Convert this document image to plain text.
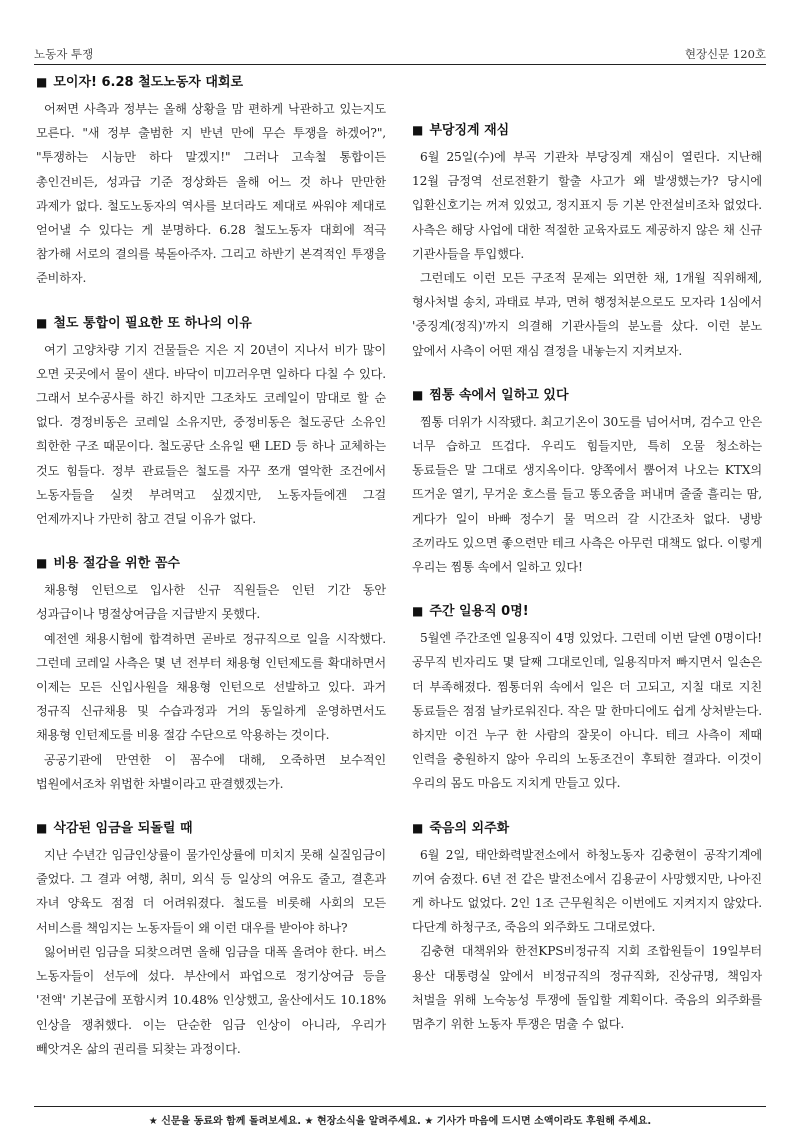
노동자 투쟁	현장신문 120호
■ 모이자! 6.28 철도노동자 대회로

어쩌면 사측과 정부는 올해 상황을 맘 편하게 낙관하고 있는지도 모른다. "새 정부 출범한 지 반년 만에 무슨 투쟁을 하겠어?", "투쟁하는 시늉만 하다 말겠지!" 그러나 고속철 통합이든 총인건비든, 성과급 기준 정상화든 올해 어느 것 하나 만만한 과제가 없다. 철도노동자의 역사를 보더라도 제대로 싸워야 제대로 얻어낼 수 있다는 게 분명하다. 6.28 철도노동자 대회에 적극 참가해 서로의 결의를 북돋아주자. 그리고 하반기 본격적인 투쟁을 준비하자.

■ 철도 통합이 필요한 또 하나의 이유

여기 고양차량 기지 건물들은 지은 지 20년이 지나서 비가 많이 오면 곳곳에서 물이 샌다. 바닥이 미끄러우면 일하다 다칠 수 있다. 그래서 보수공사를 하긴 하지만 그조차도 코레일이 맘대로 할 순 없다. 경정비동은 코레일 소유지만, 중정비동은 철도공단 소유인 희한한 구조 때문이다. 철도공단 소유일 땐 LED 등 하나 교체하는 것도 힘들다. 정부 관료들은 철도를 자꾸 쪼개 열악한 조건에서 노동자들을 실컷 부려먹고 싶겠지만, 노동자들에겐 그걸 언제까지나 가만히 참고 견딜 이유가 없다.

■ 비용 절감을 위한 꼼수

채용형 인턴으로 입사한 신규 직원들은 인턴 기간 동안 성과급이나 명절상여금을 지급받지 못했다.

예전엔 채용시험에 합격하면 곧바로 정규직으로 일을 시작했다. 그런데 코레일 사측은 몇 년 전부터 채용형 인턴제도를 확대하면서 이제는 모든 신입사원을 채용형 인턴으로 선발하고 있다. 과거 정규직 신규채용 및 수습과정과 거의 동일하게 운영하면서도 채용형 인턴제도를 비용 절감 수단으로 악용하는 것이다.

공공기관에 만연한 이 꼼수에 대해, 오죽하면 보수적인 법원에서조차 위법한 차별이라고 판결했겠는가.

■ 삭감된 임금을 되돌릴 때

지난 수년간 임금인상률이 물가인상률에 미치지 못해 실질임금이 줄었다. 그 결과 여행, 취미, 외식 등 일상의 여유도 줄고, 결혼과 자녀 양육도 점점 더 어려워졌다. 철도를 비롯해 사회의 모든 서비스를 책임지는 노동자들이 왜 이런 대우를 받아야 하나?

잃어버린 임금을 되찾으려면 올해 임금을 대폭 올려야 한다. 버스 노동자들이 선두에 섰다. 부산에서 파업으로 정기상여금 등을 '전액' 기본급에 포함시켜 10.48% 인상했고, 울산에서도 10.18% 인상을 쟁취했다. 이는 단순한 임금 인상이 아니라, 우리가 빼앗겨온 삶의 권리를 되찾는 과정이다.

■ 부당징계 재심

6월 25일(수)에 부곡 기관차 부당징계 재심이 열린다. 지난해 12월 금정역 선로전환기 할출 사고가 왜 발생했는가? 당시에 입환신호기는 꺼져 있었고, 정지표지 등 기본 안전설비조차 없었다. 사측은 해당 사업에 대한 적절한 교육자료도 제공하지 않은 채 신규 기관사들을 투입했다.

그런데도 이런 모든 구조적 문제는 외면한 채, 1개월 직위해제, 형사처벌 송치, 과태료 부과, 면허 행정처분으로도 모자라 1심에서 '중징계(정직)'까지 의결해 기관사들의 분노를 샀다. 이런 분노 앞에서 사측이 어떤 재심 결정을 내놓는지 지켜보자.

■ 찜통 속에서 일하고 있다

찜통 더위가 시작됐다. 최고기온이 30도를 넘어서며, 검수고 안은 너무 습하고 뜨겁다. 우리도 힘들지만, 특히 오물 청소하는 동료들은 말 그대로 생지옥이다. 양쪽에서 뿜어져 나오는 KTX의 뜨거운 열기, 무거운 호스를 들고 똥오줌을 퍼내며 줄줄 흘리는 땀, 게다가 일이 바빠 정수기 물 먹으러 갈 시간조차 없다. 냉방 조끼라도 있으면 좋으련만 테크 사측은 아무런 대책도 없다. 이렇게 우리는 찜통 속에서 일하고 있다!

■ 주간 일용직 0명!

5월엔 주간조엔 일용직이 4명 있었다. 그런데 이번 달엔 0명이다! 공무직 빈자리도 몇 달째 그대로인데, 일용직마저 빠지면서 일손은 더 부족해졌다. 찜통더위 속에서 일은 더 고되고, 지칠 대로 지친 동료들은 점점 날카로워진다. 작은 말 한마디에도 쉽게 상처받는다. 하지만 이건 누구 한 사람의 잘못이 아니다. 테크 사측이 제때 인력을 충원하지 않아 우리의 노동조건이 후퇴한 결과다. 이것이 우리의 몸도 마음도 지치게 만들고 있다.

■ 죽음의 외주화

6월 2일, 태안화력발전소에서 하청노동자 김충현이 공작기계에 끼여 숨졌다. 6년 전 같은 발전소에서 김용균이 사망했지만, 나아진 게 하나도 없었다. 2인 1조 근무원칙은 이번에도 지켜지지 않았다. 다단계 하청구조, 죽음의 외주화도 그대로였다.

김충현 대책위와 한전KPS비정규직 지회 조합원들이 19일부터 용산 대통령실 앞에서 비정규직의 정규직화, 진상규명, 책임자 처벌을 위해 노숙농성 투쟁에 돌입할 계획이다. 죽음의 외주화를 멈추기 위한 노동자 투쟁은 멈출 수 없다.

★ 신문을 동료와 함께 돌려보세요. ★ 현장소식을 알려주세요. ★ 기사가 마음에 드시면 소액이라도 후원해 주세요.
